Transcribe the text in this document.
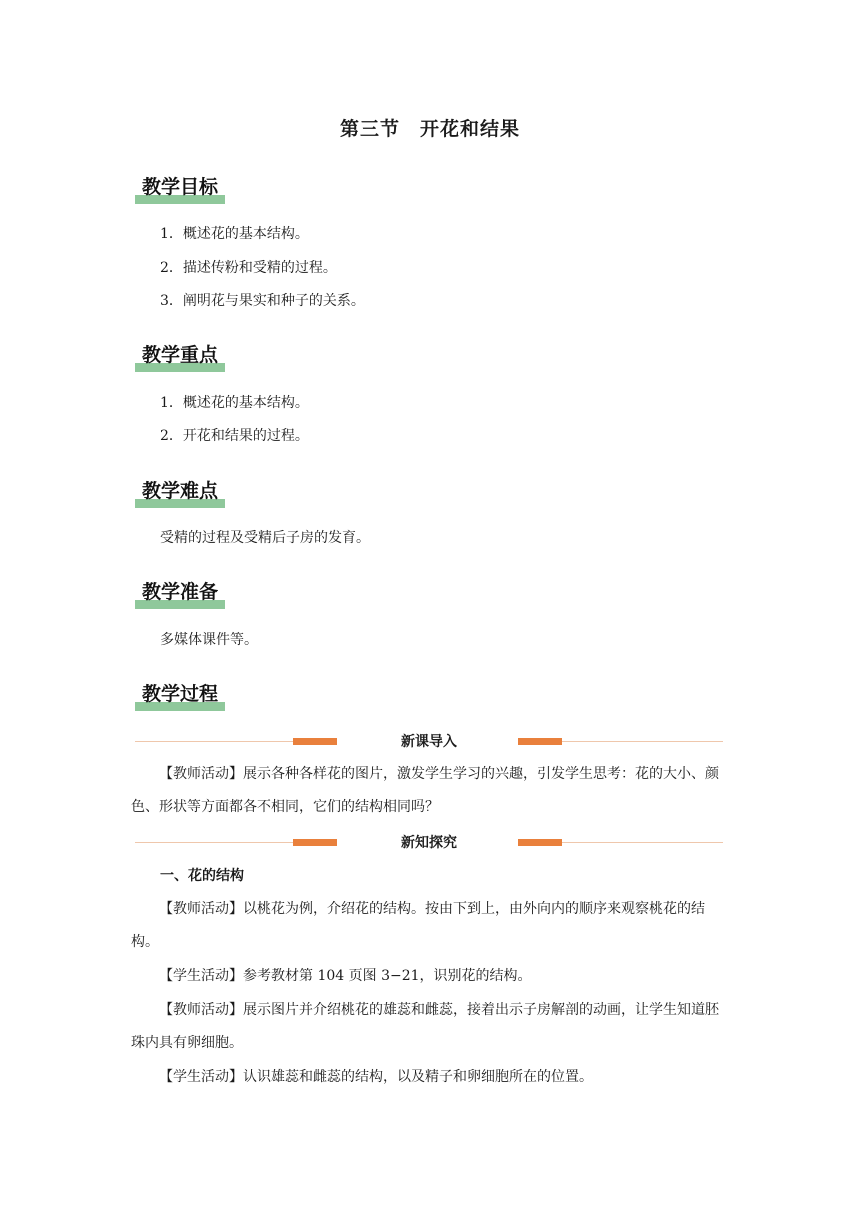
第三节　开花和结果
教学目标
1．概述花的基本结构。
2．描述传粉和受精的过程。
3．阐明花与果实和种子的关系。
教学重点
1．概述花的基本结构。
2．开花和结果的过程。
教学难点
受精的过程及受精后子房的发育。
教学准备
多媒体课件等。
教学过程
新课导入
【教师活动】展示各种各样花的图片，激发学生学习的兴趣，引发学生思考：花的大小、颜色、形状等方面都各不相同，它们的结构相同吗？
新知探究
一、花的结构
【教师活动】以桃花为例，介绍花的结构。按由下到上，由外向内的顺序来观察桃花的结构。
【学生活动】参考教材第 104 页图 3−21，识别花的结构。
【教师活动】展示图片并介绍桃花的雄蕊和雌蕊，接着出示子房解剖的动画，让学生知道胚珠内具有卵细胞。
【学生活动】认识雄蕊和雌蕊的结构，以及精子和卵细胞所在的位置。
